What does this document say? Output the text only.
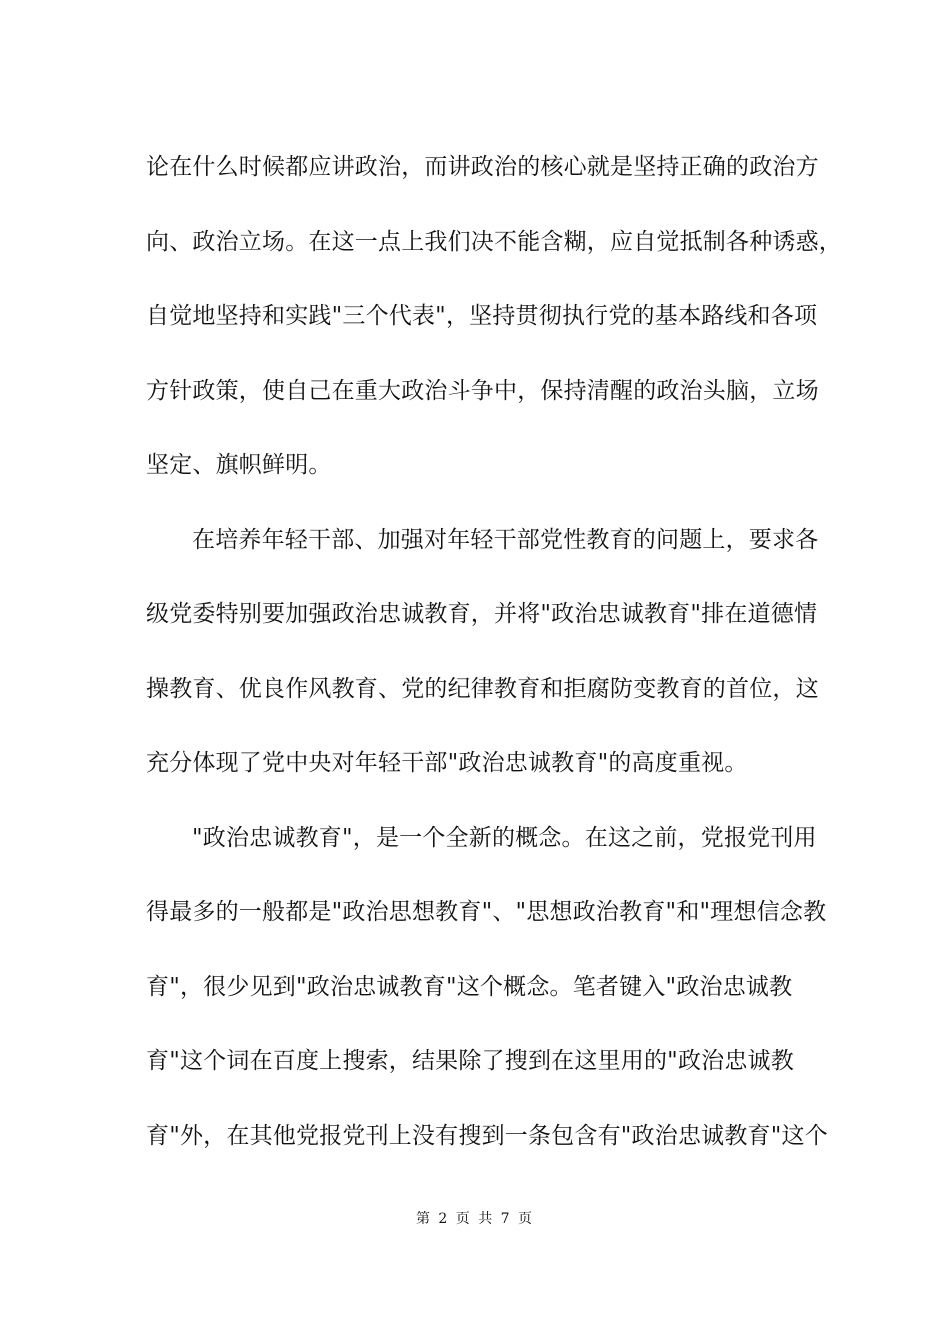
论在什么时候都应讲政治，而讲政治的核心就是坚持正确的政治方
向、政治立场。在这一点上我们决不能含糊，应自觉抵制各种诱惑，
自觉地坚持和实践"三个代表"，坚持贯彻执行党的基本路线和各项
方针政策，使自己在重大政治斗争中，保持清醒的政治头脑，立场
坚定、旗帜鲜明。
在培养年轻干部、加强对年轻干部党性教育的问题上，要求各
级党委特别要加强政治忠诚教育，并将"政治忠诚教育"排在道德情
操教育、优良作风教育、党的纪律教育和拒腐防变教育的首位，这
充分体现了党中央对年轻干部"政治忠诚教育"的高度重视。
"政治忠诚教育"，是一个全新的概念。在这之前，党报党刊用
得最多的一般都是"政治思想教育"、"思想政治教育"和"理想信念教
育"，很少见到"政治忠诚教育"这个概念。笔者键入"政治忠诚教
育"这个词在百度上搜索，结果除了搜到在这里用的"政治忠诚教
育"外，在其他党报党刊上没有搜到一条包含有"政治忠诚教育"这个
第 2 页 共 7 页
